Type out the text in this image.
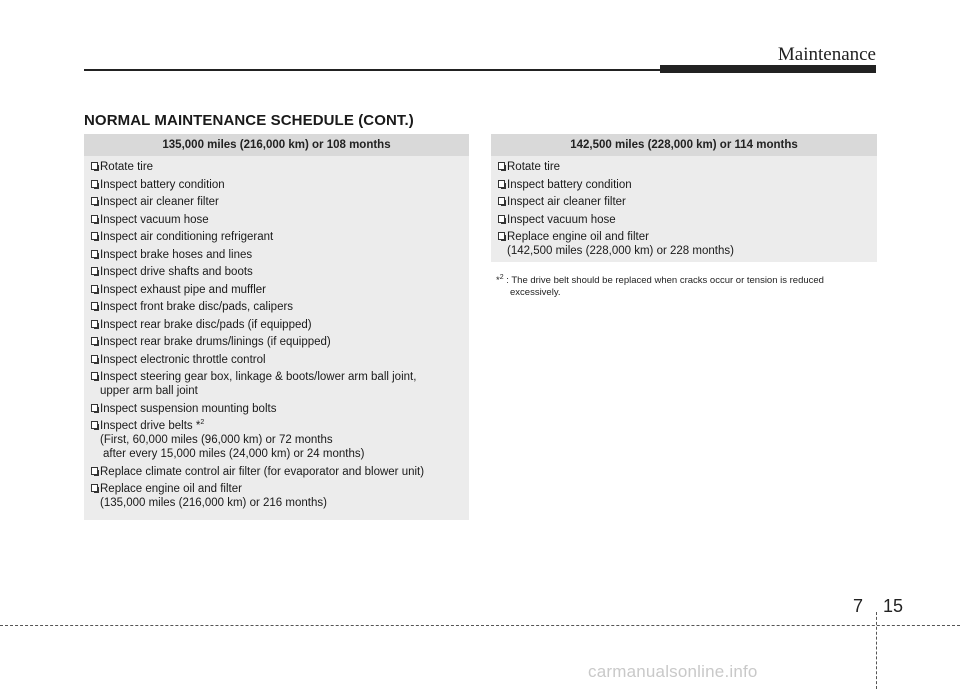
Maintenance
NORMAL MAINTENANCE SCHEDULE (CONT.)
135,000 miles (216,000 km) or 108 months
Rotate tire
Inspect battery condition
Inspect air cleaner filter
Inspect vacuum hose
Inspect air conditioning refrigerant
Inspect brake hoses and lines
Inspect drive shafts and boots
Inspect exhaust pipe and muffler
Inspect front brake disc/pads, calipers
Inspect rear brake disc/pads (if equipped)
Inspect rear brake drums/linings (if equipped)
Inspect electronic throttle control
Inspect steering gear box, linkage & boots/lower arm ball joint,
upper arm ball joint
Inspect suspension mounting bolts
Inspect drive belts *$^2$
(First, 60,000 miles (96,000 km) or 72 months
after every 15,000 miles (24,000 km) or 24 months)
Replace climate control air filter (for evaporator and blower unit)
Replace engine oil and filter
(135,000 miles (216,000 km) or 216 months)
142,500 miles (228,000 km) or 114 months
Rotate tire
Inspect battery condition
Inspect air cleaner filter
Inspect vacuum hose
Replace engine oil and filter
(142,500 miles (228,000 km) or 228 months)
*$^2$ : The drive belt should be replaced when cracks occur or tension is reduced
excessively.
7 15
carmanualsonline.info
